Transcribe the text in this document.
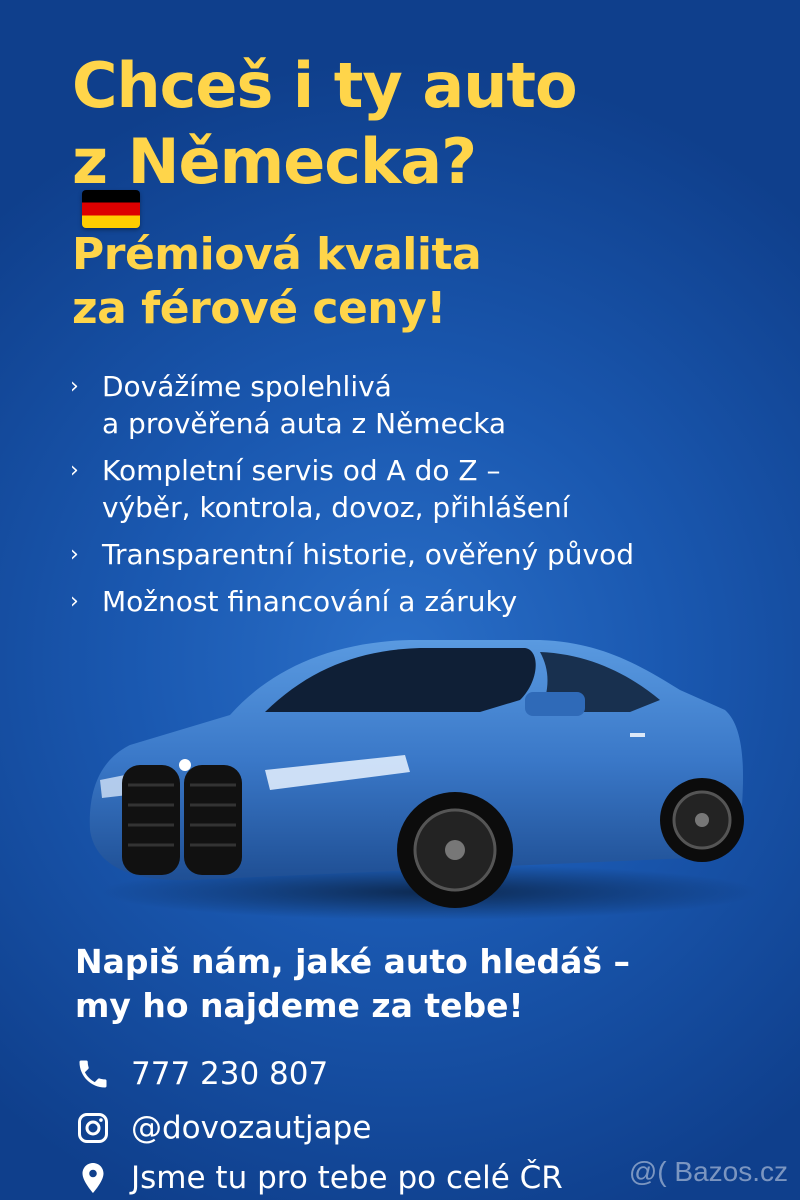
Chceš i ty auto
z Německa?
Prémiová kvalita
za férové ceny!
› Dovážíme spolehlivá
a prověřená auta z Německa
› Kompletní servis od A do Z –
výběr, kontrola, dovoz, přihlášení
› Transparentní historie, ověřený původ
› Možnost financování a záruky
Napiš nám, jaké auto hledáš –
my ho najdeme za tebe!
777 230 807
@dovozautjape
Jsme tu pro tebe po celé ČR @( Bazos.cz
